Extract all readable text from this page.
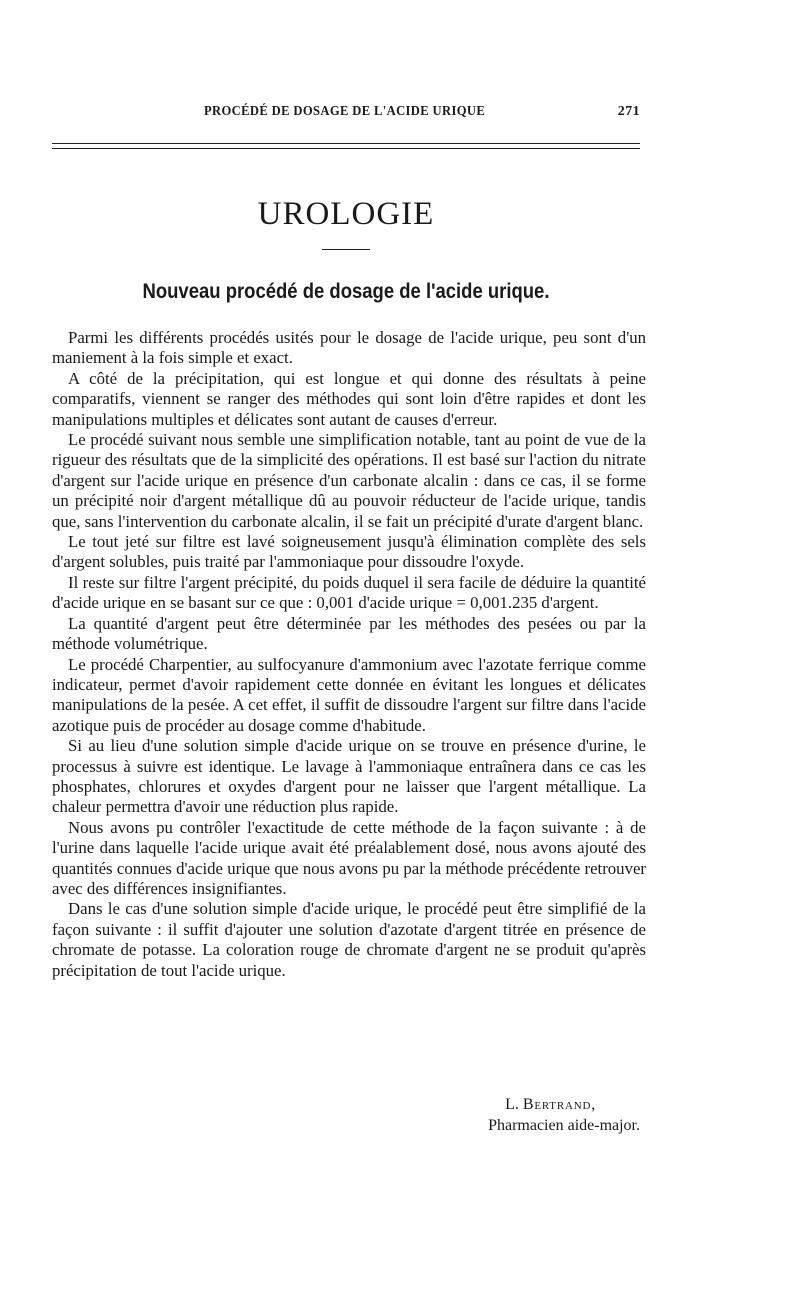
PROCÉDÉ DE DOSAGE DE L'ACIDE URIQUE	271
UROLOGIE
Nouveau procédé de dosage de l'acide urique.

Parmi les différents procédés usités pour le dosage de l'acide urique, peu sont d'un maniement à la fois simple et exact.

A côté de la précipitation, qui est longue et qui donne des résultats à peine comparatifs, viennent se ranger des méthodes qui sont loin d'être rapides et dont les manipulations multiples et délicates sont autant de causes d'erreur.

Le procédé suivant nous semble une simplification notable, tant au point de vue de la rigueur des résultats que de la simplicité des opérations. Il est basé sur l'action du nitrate d'argent sur l'acide urique en présence d'un carbonate alcalin : dans ce cas, il se forme un précipité noir d'argent métallique dû au pouvoir réducteur de l'acide urique, tandis que, sans l'intervention du carbonate alcalin, il se fait un précipité d'urate d'argent blanc.

Le tout jeté sur filtre est lavé soigneusement jusqu'à élimination complète des sels d'argent solubles, puis traité par l'ammoniaque pour dissoudre l'oxyde.

Il reste sur filtre l'argent précipité, du poids duquel il sera facile de déduire la quantité d'acide urique en se basant sur ce que : 0,001 d'acide urique = 0,001.235 d'argent.

La quantité d'argent peut être déterminée par les méthodes des pesées ou par la méthode volumétrique.

Le procédé Charpentier, au sulfocyanure d'ammonium avec l'azotate ferrique comme indicateur, permet d'avoir rapidement cette donnée en évitant les longues et délicates manipulations de la pesée. A cet effet, il suffit de dissoudre l'argent sur filtre dans l'acide azotique puis de procéder au dosage comme d'habitude.

Si au lieu d'une solution simple d'acide urique on se trouve en présence d'urine, le processus à suivre est identique. Le lavage à l'ammoniaque entraînera dans ce cas les phosphates, chlorures et oxydes d'argent pour ne laisser que l'argent métallique. La chaleur permettra d'avoir une réduction plus rapide.

Nous avons pu contrôler l'exactitude de cette méthode de la façon suivante : à de l'urine dans laquelle l'acide urique avait été préalablement dosé, nous avons ajouté des quantités connues d'acide urique que nous avons pu par la méthode précédente retrouver avec des différences insignifiantes.

Dans le cas d'une solution simple d'acide urique, le procédé peut être simplifié de la façon suivante : il suffit d'ajouter une solution d'azotate d'argent titrée en présence de chromate de potasse. La coloration rouge de chromate d'argent ne se produit qu'après précipitation de tout l'acide urique.

L. Bertrand,
Pharmacien aide-major.
